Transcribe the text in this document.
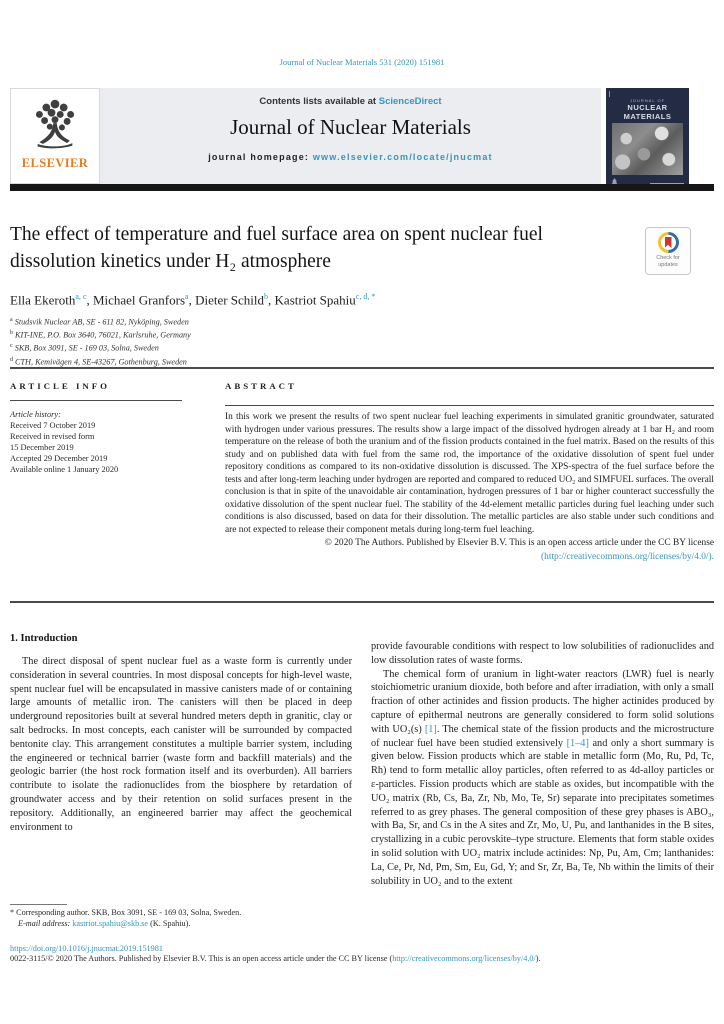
Journal of Nuclear Materials 531 (2020) 151981
ELSEVIER
Contents lists available at ScienceDirect
Journal of Nuclear Materials
journal homepage: www.elsevier.com/locate/jnucmat
JOURNAL OF
NUCLEAR MATERIALS
The effect of temperature and fuel surface area on spent nuclear fuel dissolution kinetics under H₂ atmosphere	Check for
updates
Ella Ekeroth$^{a, c}$, Michael Granfors$^a$, Dieter Schild$^b$, Kastriot Spahiu$^{c, d, *}$
$^a$ Studsvik Nuclear AB, SE - 611 82, Nyköping, Sweden
$^b$ KIT-INE, P.O. Box 3640, 76021, Karlsruhe, Germany
$^c$ SKB, Box 3091, SE - 169 03, Solna, Sweden
$^d$ CTH, Kemivägen 4, SE-43267, Gothenburg, Sweden
ARTICLE INFO	ABSTRACT
Article history:
Received 7 October 2019
Received in revised form
15 December 2019
Accepted 29 December 2019
Available online 1 January 2020
In this work we present the results of two spent nuclear fuel leaching experiments in simulated granitic groundwater, saturated with hydrogen under various pressures. The results show a large impact of the dissolved hydrogen already at 1 bar H₂ and room temperature on the release of both the uranium and of the fission products contained in the fuel matrix. Based on the results of this study and on published data with fuel from the same rod, the importance of the oxidative dissolution of spent fuel under repository conditions as compared to its non-oxidative dissolution is discussed. The XPS-spectra of the fuel surface before the tests and after long-term leaching under hydrogen are reported and compared to reduced UO₂ and SIMFUEL surfaces. The overall conclusion is that in spite of the unavoidable air contamination, hydrogen pressures of 1 bar or higher counteract successfully the oxidative dissolution of the spent nuclear fuel. The stability of the 4d-element metallic particles during fuel leaching under such conditions is also discussed, based on data for their dissolution. The metallic particles are also stable under such conditions and are not expected to release their component metals during long-term fuel leaching.
© 2020 The Authors. Published by Elsevier B.V. This is an open access article under the CC BY license
(http://creativecommons.org/licenses/by/4.0/).
1. Introduction
The direct disposal of spent nuclear fuel as a waste form is currently under consideration in several countries. In most disposal concepts for high-level waste, spent nuclear fuel will be encapsulated in massive canisters made of or containing large amounts of metallic iron. The canisters will then be placed in deep underground repositories built at several hundred meters depth in granitic, clay or salt bedrocks. In most concepts, each canister will be surrounded by compacted bentonite clay. This arrangement constitutes a multiple barrier system, including the engineered or technical barrier (waste form and backfill materials) and the geologic barrier (the host rock formation itself and its overburden). All barriers contribute to isolate the radionuclides from the biosphere by retardation of groundwater access and by their retention on solid surfaces present in the repository. Additionally, an engineered barrier may affect the geochemical environment to
provide favourable conditions with respect to low solubilities of radionuclides and low dissolution rates of waste forms.
The chemical form of uranium in light-water reactors (LWR) fuel is nearly stoichiometric uranium dioxide, both before and after irradiation, with only a small fraction of other actinides and fission products. The higher actinides produced by capture of epithermal neutrons are generally considered to form solid solutions with UO₂(s) [1]. The chemical state of the fission products and the microstructure of nuclear fuel have been studied extensively [1–4] and only a short summary is given below. Fission products which are stable in metallic form (Mo, Ru, Pd, Tc, Rh) tend to form metallic alloy particles, often referred to as 4d-alloy particles or ε-particles. Fission products which are stable as oxides, but incompatible with the UO₂ matrix (Rb, Cs, Ba, Zr, Nb, Mo, Te, Sr) separate into precipitates sometimes referred to as grey phases. The general composition of these grey phases is ABO₃, with Ba, Sr, and Cs in the A sites and Zr, Mo, U, Pu, and lanthanides in the B sites, crystallizing in a cubic perovskite–type structure. Elements that form stable oxides in solid solution with UO₂ matrix include actinides: Np, Pu, Am, Cm; lanthanides: La, Ce, Pr, Nd, Pm, Sm, Eu, Gd, Y; and Sr, Zr, Ba, Te, Nb within the limits of their solubility in UO₂ and to the extent
* Corresponding author. SKB, Box 3091, SE - 169 03, Solna, Sweden.
E-mail address: kastriot.spahiu@skb.se (K. Spahiu).
https://doi.org/10.1016/j.jnucmat.2019.151981
0022-3115/© 2020 The Authors. Published by Elsevier B.V. This is an open access article under the CC BY license (http://creativecommons.org/licenses/by/4.0/).
